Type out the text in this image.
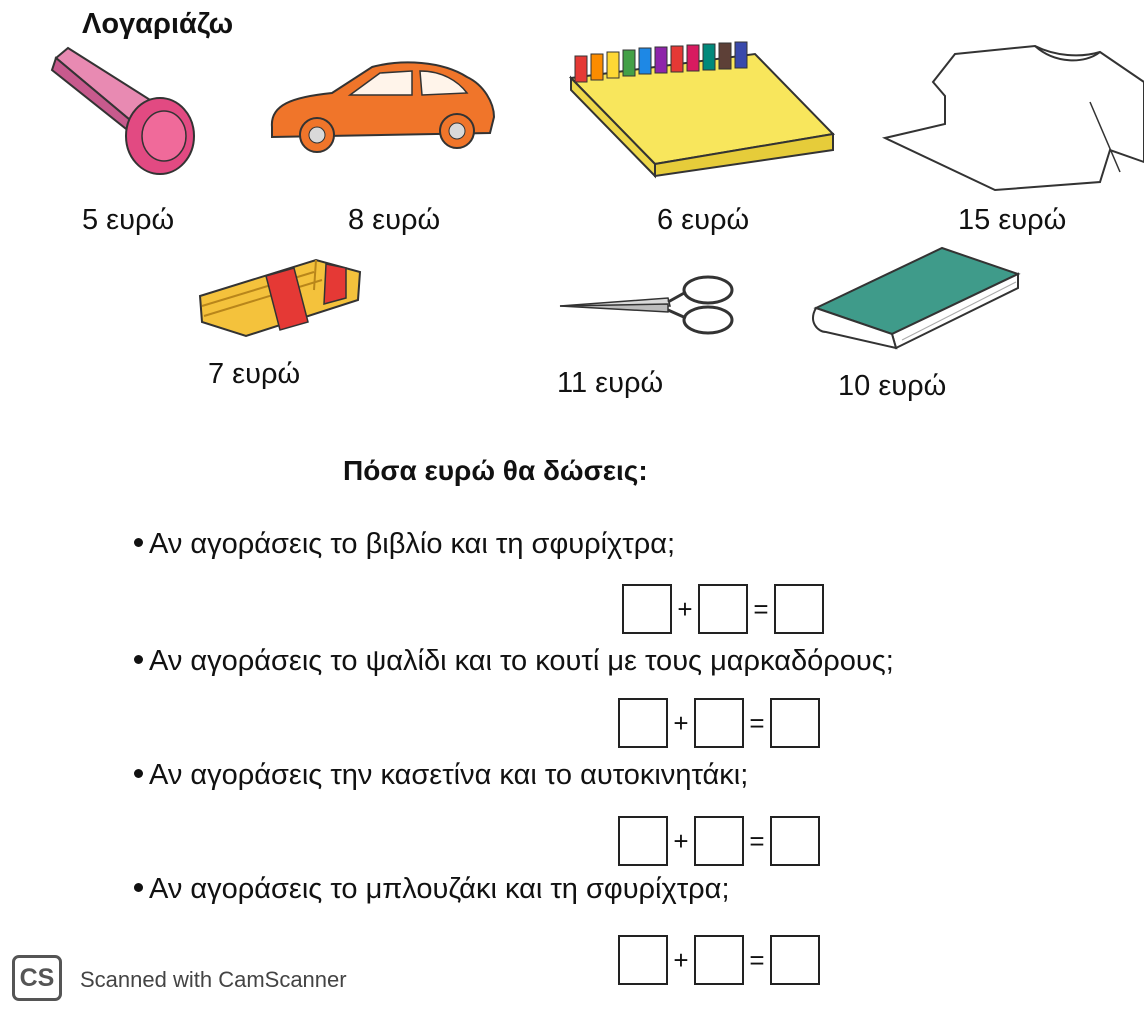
Λογαριάζω
5 ευρώ	8 ευρώ	6 ευρώ	15 ευρώ
7 ευρώ	11 ευρώ	10 ευρώ
Πόσα ευρώ θα δώσεις:
Αν αγοράσεις το βιβλίο και τη σφυρίχτρα;
+ =
Αν αγοράσεις το ψαλίδι και το κουτί με τους μαρκαδόρους;
+ =
Αν αγοράσεις την κασετίνα και το αυτοκινητάκι;
+ =
Αν αγοράσεις το μπλουζάκι και τη σφυρίχτρα;
+ =
CS	Scanned with CamScanner
